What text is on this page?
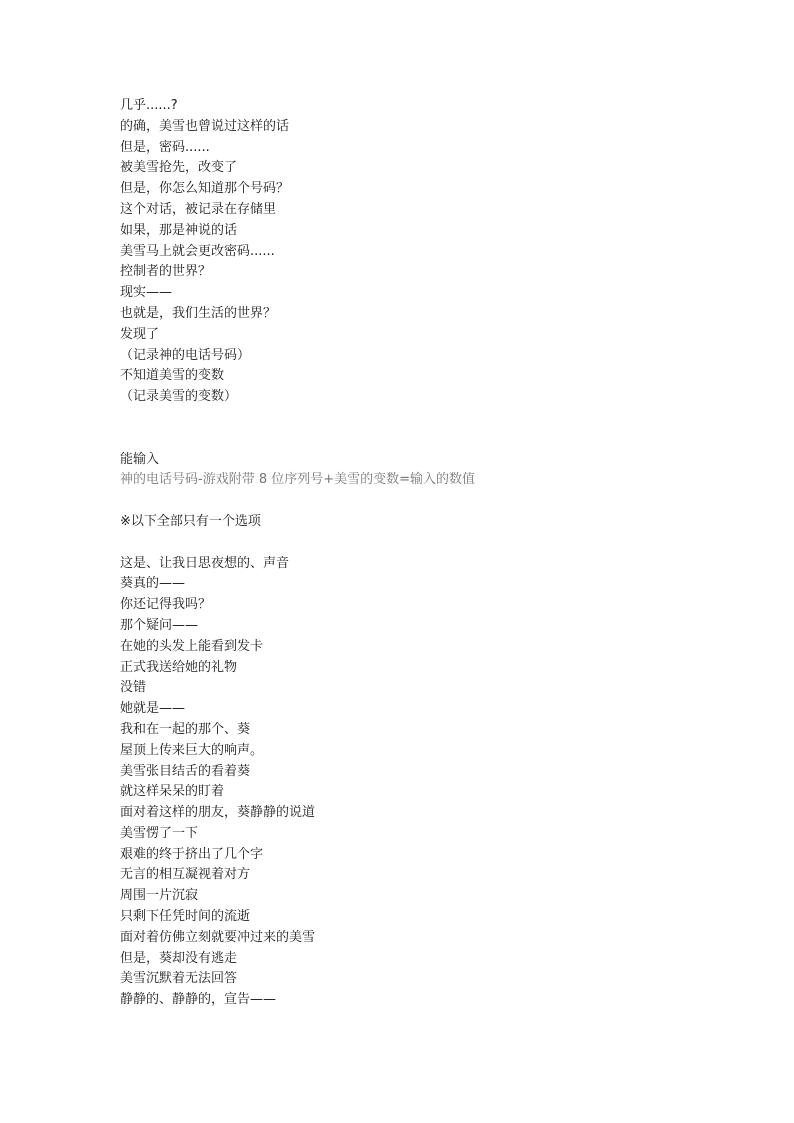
几乎......?
的确，美雪也曾说过这样的话
但是，密码......
被美雪抢先，改变了
但是，你怎么知道那个号码？
这个对话，被记录在存储里
如果，那是神说的话
美雪马上就会更改密码......
控制者的世界？
现实——
也就是，我们生活的世界？
发现了
（记录神的电话号码）
不知道美雪的变数
（记录美雪的变数）
能输入
神的电话号码-游戏附带 8 位序列号+美雪的变数=输入的数值
※以下全部只有一个选项
这是、让我日思夜想的、声音
葵真的——
你还记得我吗？
那个疑问——
在她的头发上能看到发卡
正式我送给她的礼物
没错
她就是——
我和在一起的那个、葵
屋顶上传来巨大的响声。
美雪张目结舌的看着葵
就这样呆呆的盯着
面对着这样的朋友，葵静静的说道
美雪愣了一下
艰难的终于挤出了几个字
无言的相互凝视着对方
周围一片沉寂
只剩下任凭时间的流逝
面对着仿佛立刻就要冲过来的美雪
但是，葵却没有逃走
美雪沉默着无法回答
静静的、静静的，宣告——
